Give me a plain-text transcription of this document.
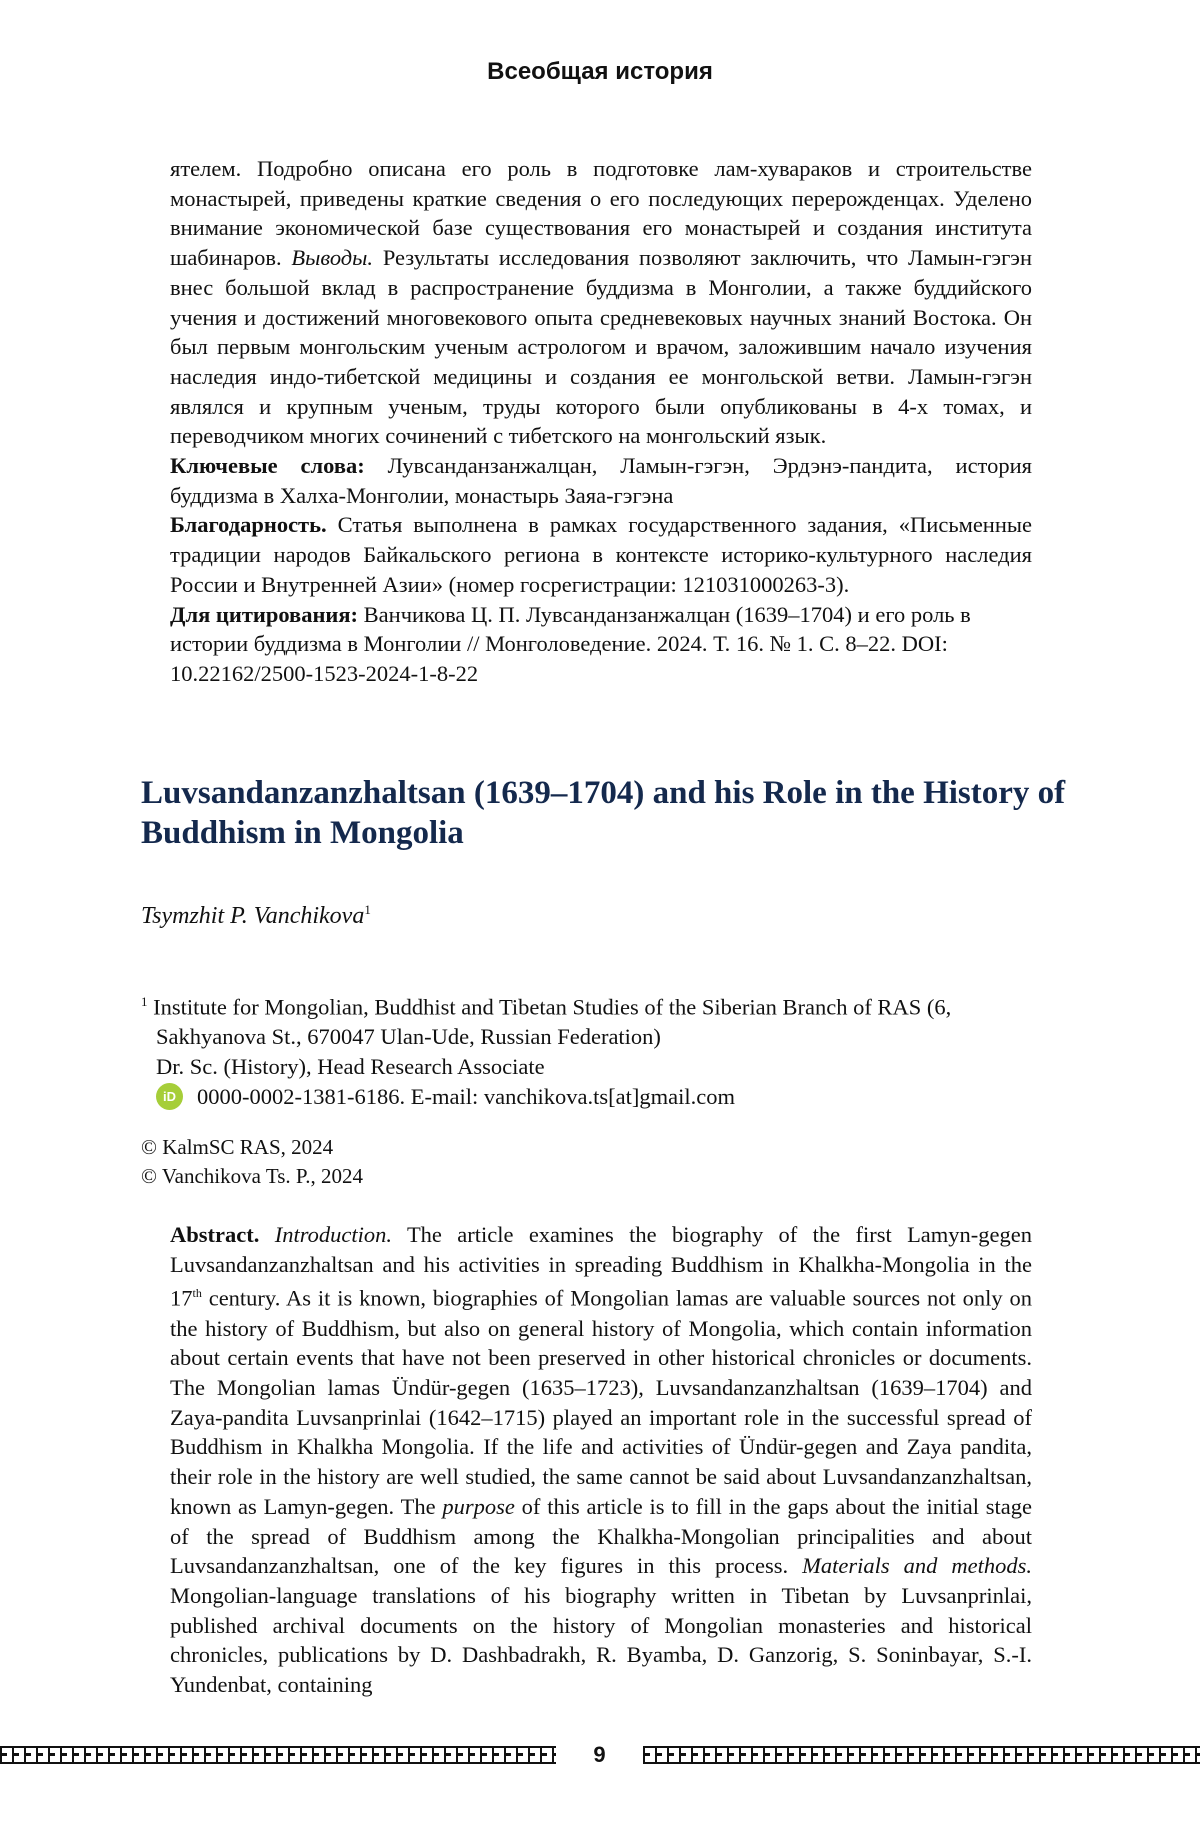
Всеобщая история

ятелем. Подробно описана его роль в подготовке лам-хувараков и строительстве монастырей, приведены краткие сведения о его последующих перерожденцах. Уделено внимание экономической базе существования его монастырей и создания института шабинаров. Выводы. Результаты исследования позволяют заключить, что Ламын-гэгэн внес большой вклад в распространение буддизма в Монголии, а также буддийского учения и достижений многовекового опыта средневековых научных знаний Востока. Он был первым монгольским ученым астрологом и врачом, заложившим начало изучения наследия индо-тибетской медицины и создания ее монгольской ветви. Ламын-гэгэн являлся и крупным ученым, труды которого были опубликованы в 4-х томах, и переводчиком многих сочинений с тибетского на монгольский язык.

Ключевые слова: Лувсанданзанжалцан, Ламын-гэгэн, Эрдэнэ-пандита, история буддизма в Халха-Монголии, монастырь Заяа-гэгэна

Благодарность. Статья выполнена в рамках государственного задания, «Письменные традиции народов Байкальского региона в контексте историко-культурного наследия России и Внутренней Азии» (номер госрегистрации: 121031000263-3).

Для цитирования: Ванчикова Ц. П. Лувсанданзанжалцан (1639–1704) и его роль в истории буддизма в Монголии // Монголоведение. 2024. Т. 16. № 1. С. 8–22. DOI: 10.22162/2500-1523-2024-1-8-22

Luvsandanzanzhaltsan (1639–1704) and his Role in the History of Buddhism in Mongolia
Tsymzhit P. Vanchikova$^1$
$^1$ Institute for Mongolian, Buddhist and Tibetan Studies of the Siberian Branch of RAS (6,
Sakhyanova St., 670047 Ulan-Ude, Russian Federation)
Dr. Sc. (History), Head Research Associate
iD 0000-0002-1381-6186. E-mail: vanchikova.ts[at]gmail.com
© KalmSC RAS, 2024
© Vanchikova Ts. P., 2024

Abstract. Introduction. The article examines the biography of the first Lamyn-gegen Luvsandanzanzhaltsan and his activities in spreading Buddhism in Khalkha-Mongolia in the 17th century. As it is known, biographies of Mongolian lamas are valuable sources not only on the history of Buddhism, but also on general history of Mongolia, which contain information about certain events that have not been preserved in other historical chronicles or documents. The Mongolian lamas Ündür-gegen (1635–1723), Luvsandanzanzhaltsan (1639–1704) and Zaya-pandita Luvsanprinlai (1642–1715) played an important role in the successful spread of Buddhism in Khalkha Mongolia. If the life and activities of Ündür-gegen and Zaya pandita, their role in the history are well studied, the same cannot be said about Luvsandanzanzhaltsan, known as Lamyn-gegen. The purpose of this article is to fill in the gaps about the initial stage of the spread of Buddhism among the Khalkha-Mongolian principalities and about Luvsandanzanzhaltsan, one of the key figures in this process. Materials and methods. Mongolian-language translations of his biography written in Tibetan by Luvsanprinlai, published archival documents on the history of Mongolian monasteries and historical chronicles, publications by D. Dashbadrakh, R. Byamba, D. Ganzorig, S. Soninbayar, S.-I. Yundenbat, containing

9
